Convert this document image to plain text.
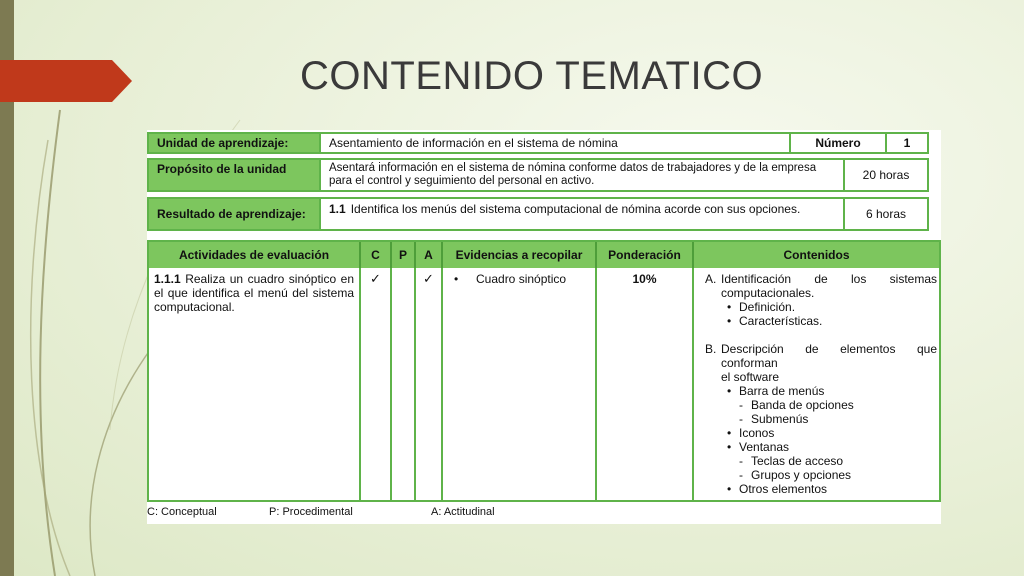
CONTENIDO TEMATICO
Unidad de aprendizaje:	Asentamiento de información en el sistema de nómina	Número	1
Propósito de la unidad	Asentará información en el sistema de nómina conforme datos de trabajadores y de la empresa para el control y seguimiento del personal en activo.	20 horas
Resultado de aprendizaje:	1.1 Identifica los menús del sistema computacional de nómina acorde con sus opciones.	6 horas
Actividades de evaluación	C	P	A	Evidencias a recopilar	Ponderación	Contenidos
1.1.1 Realiza un cuadro sinóptico en el que identifica el menú del sistema computacional.
✓	✓
•	Cuadro sinóptico	10%	A. Identificación de los sistemas

computacionales.

• Definición.

• Características.

B. Descripción de elementos que conforman

el software

• Barra de menús

- Banda de opciones

- Submenús

• Iconos

• Ventanas

- Teclas de acceso

- Grupos y opciones

• Otros elementos

C: Conceptual	P: Procedimental	A: Actitudinal
